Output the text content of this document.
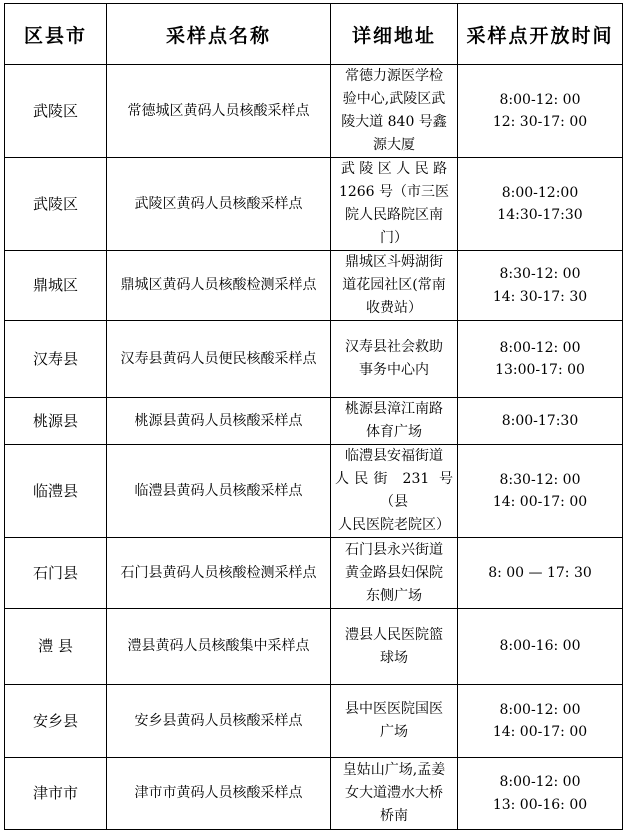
区县市	采样点名称	详细地址	采样点开放时间
武陵区	常德城区黄码人员核酸采样点	常德力源医学检
验中心,武陵区武
陵大道 840 号鑫
源大厦	8:00-12: 00
12: 30-17: 00

武陵区	武陵区黄码人员核酸采样点	武 陵 区 人 民 路
1266 号（市三医
院人民路院区南
门）	8:00-12:00
14:30-17:30

鼎城区	鼎城区黄码人员核酸检测采样点	鼎城区斗姆湖街
道花园社区(常南
收费站）	8:30-12: 00
14: 30-17: 30

汉寿县	汉寿县黄码人员便民核酸采样点	汉寿县社会救助
事务中心内	8:00-12: 00
13:00-17: 00

桃源县	桃源县黄码人员核酸采样点	桃源县漳江南路
体育广场	8:00-17:30

临澧县	临澧县黄码人员核酸采样点	临澧县安福街道
人民街 231 号（县
人民医院老院区）	8:30-12: 00
14: 00-17: 00

石门县	石门县黄码人员核酸检测采样点	石门县永兴街道
黄金路县妇保院
东侧广场	8: 00 — 17: 30

澧 县	澧县黄码人员核酸集中采样点	澧县人民医院篮
球场	8:00-16: 00

安乡县	安乡县黄码人员核酸采样点	县中医医院国医
广场	8:00-12: 00
14: 00-17: 00

津市市	津市市黄码人员核酸采样点	皇姑山广场,孟姜
女大道澧水大桥
桥南	8:00-12: 00
13: 00-16: 00
